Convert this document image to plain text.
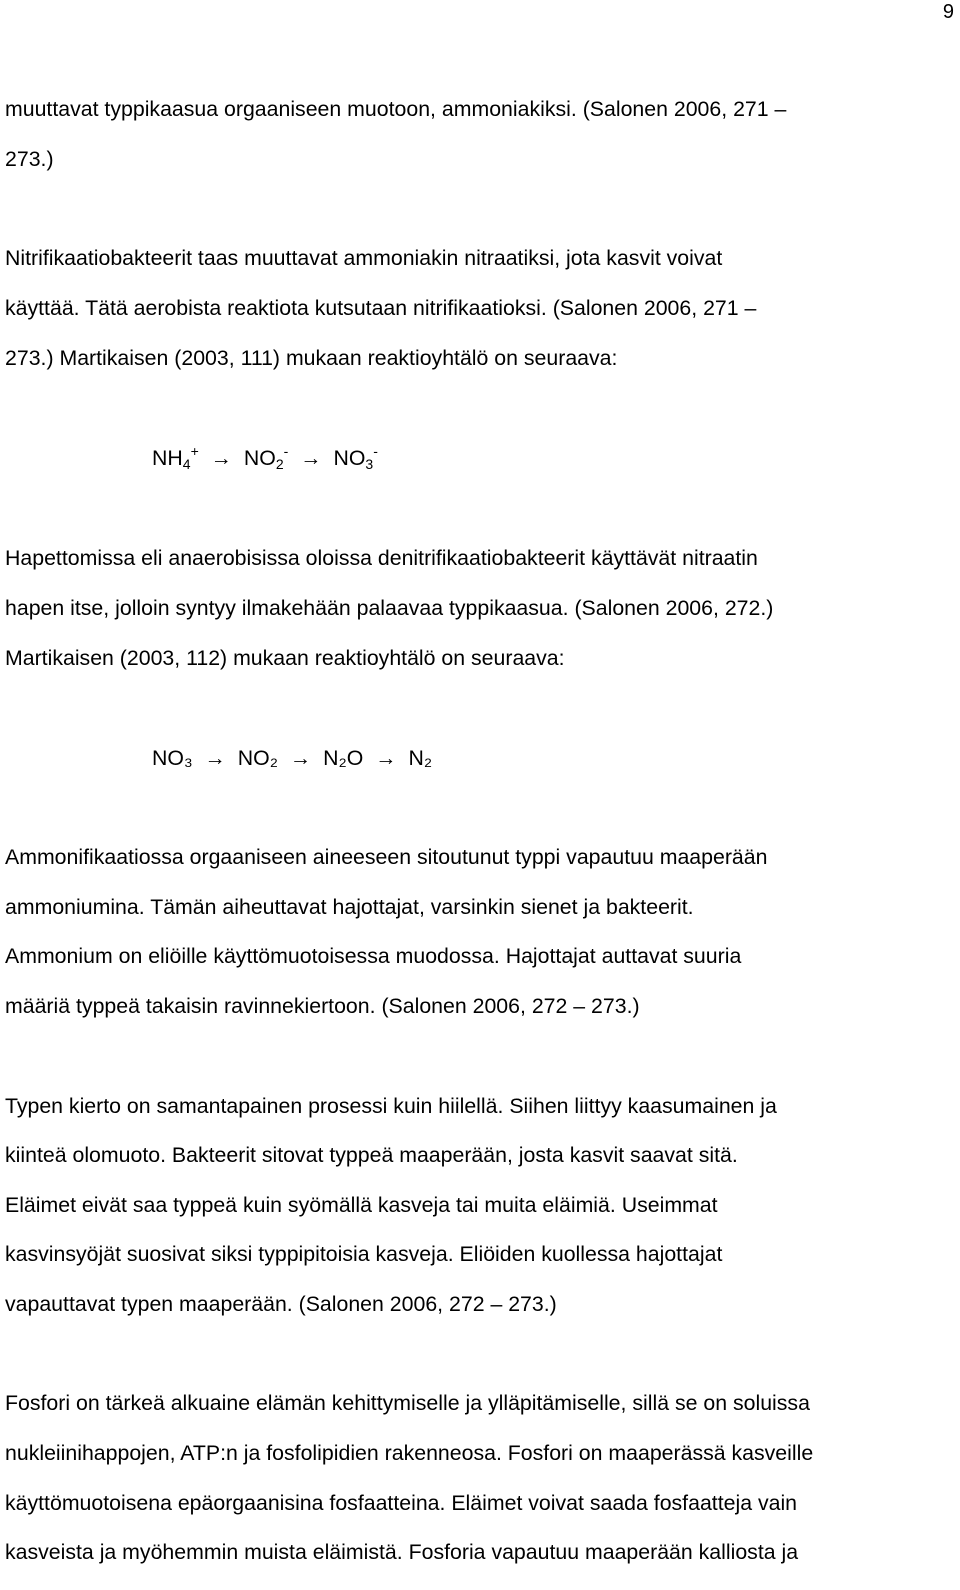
9
muuttavat typpikaasua orgaaniseen muotoon, ammoniakiksi. (Salonen 2006, 271 –
273.)
Nitrifikaatiobakteerit taas muuttavat ammoniakin nitraatiksi, jota kasvit voivat
käyttää. Tätä aerobista reaktiota kutsutaan nitrifikaatioksi. (Salonen 2006, 271 –
273.) Martikaisen (2003, 111) mukaan reaktioyhtälö on seuraava:
$NH_4^+ \to NO_2^- \to NO_3^-$
Hapettomissa eli anaerobisissa oloissa denitrifikaatiobakteerit käyttävät nitraatin
hapen itse, jolloin syntyy ilmakehään palaavaa typpikaasua. (Salonen 2006, 272.)
Martikaisen (2003, 112) mukaan reaktioyhtälö on seuraava:
NO₃ → NO₂ → N₂O → N₂
Ammonifikaatiossa orgaaniseen aineeseen sitoutunut typpi vapautuu maaperään
ammoniumina. Tämän aiheuttavat hajottajat, varsinkin sienet ja bakteerit.
Ammonium on eliöille käyttömuotoisessa muodossa. Hajottajat auttavat suuria
määriä typpeä takaisin ravinnekiertoon. (Salonen 2006, 272 – 273.)
Typen kierto on samantapainen prosessi kuin hiilellä. Siihen liittyy kaasumainen ja
kiinteä olomuoto. Bakteerit sitovat typpeä maaperään, josta kasvit saavat sitä.
Eläimet eivät saa typpeä kuin syömällä kasveja tai muita eläimiä. Useimmat
kasvinsyöjät suosivat siksi typpipitoisia kasveja. Eliöiden kuollessa hajottajat
vapauttavat typen maaperään. (Salonen 2006, 272 – 273.)
Fosfori on tärkeä alkuaine elämän kehittymiselle ja ylläpitämiselle, sillä se on soluissa
nukleiinihappojen, ATP:n ja fosfolipidien rakenneosa. Fosfori on maaperässä kasveille
käyttömuotoisena epäorgaanisina fosfaatteina. Eläimet voivat saada fosfaatteja vain
kasveista ja myöhemmin muista eläimistä. Fosforia vapautuu maaperään kalliosta ja
